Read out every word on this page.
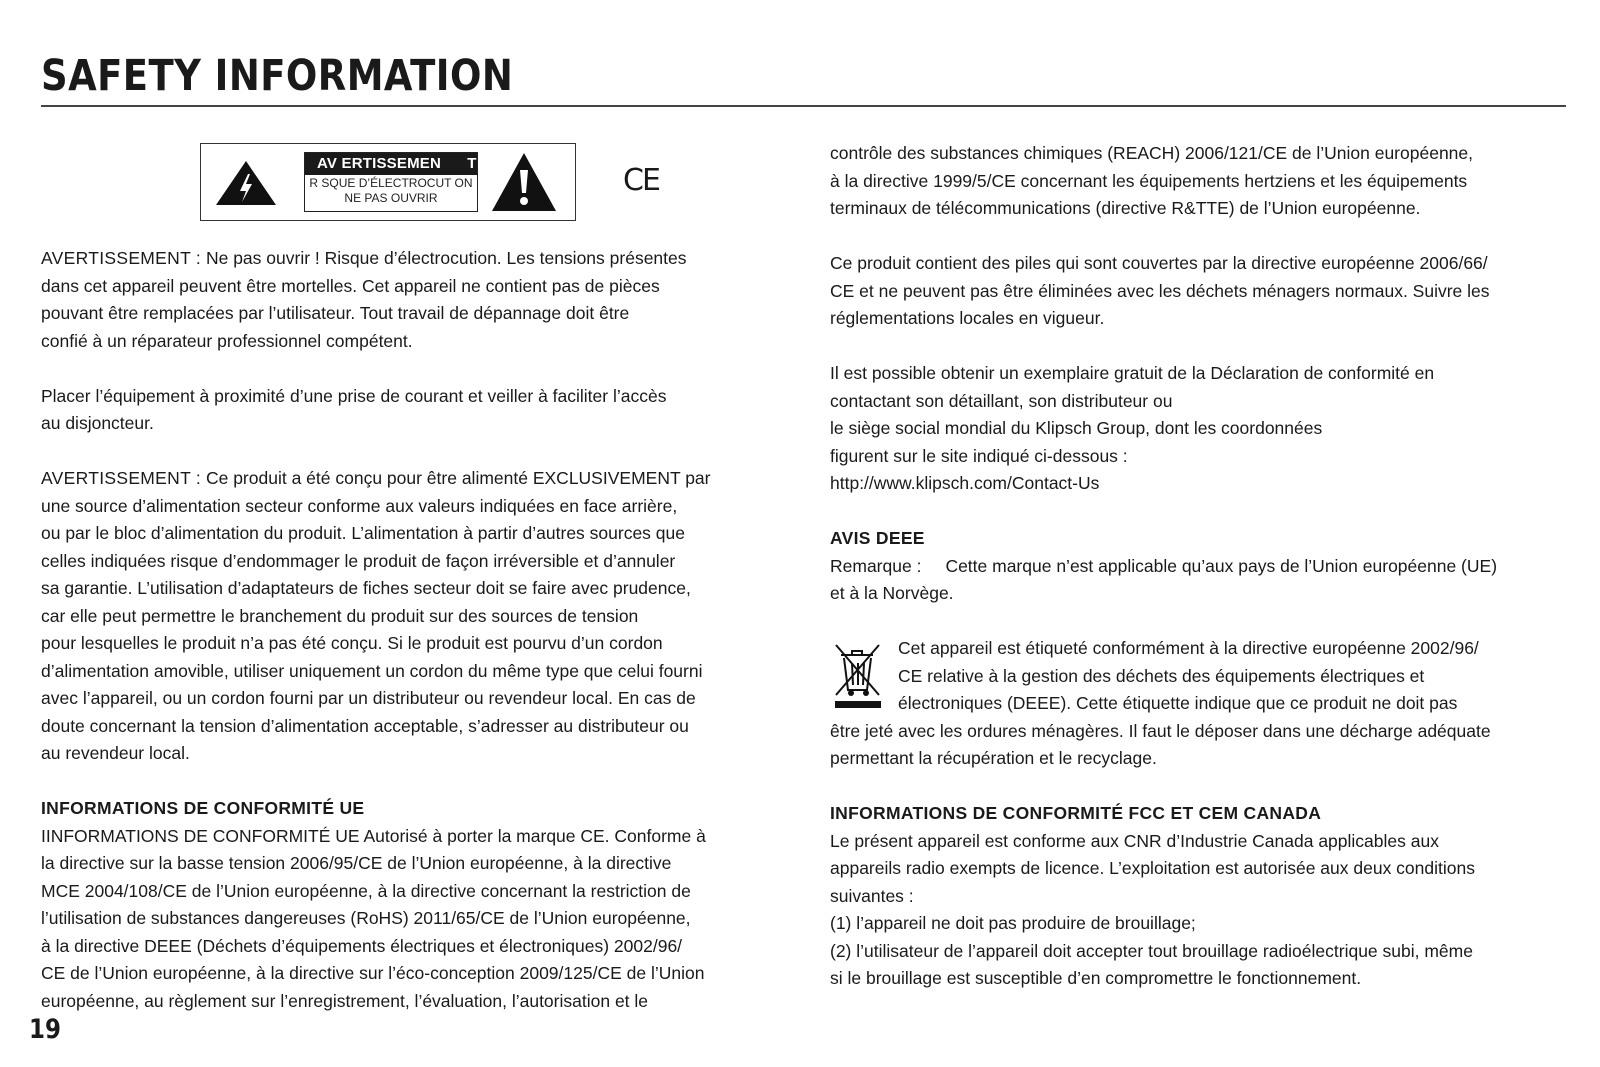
SAFETY INFORMATION
AV ERTISSEMEN      T
R SQUE D’ÉLECTROCUT ON
NE PAS OUVRIR	CE

AVERTISSEMENT : Ne pas ouvrir ! Risque d’électrocution. Les tensions présentes

dans cet appareil peuvent être mortelles. Cet appareil ne contient pas de pièces

pouvant être remplacées par l’utilisateur. Tout travail de dépannage doit être

confié à un réparateur professionnel compétent.

Placer l’équipement à proximité d’une prise de courant et veiller à faciliter l’accès

au disjoncteur.

AVERTISSEMENT : Ce produit a été conçu pour être alimenté EXCLUSIVEMENT par

une source d’alimentation secteur conforme aux valeurs indiquées en face arrière,

ou par le bloc d’alimentation du produit. L’alimentation à partir d’autres sources que

celles indiquées risque d’endommager le produit de façon irréversible et d’annuler

sa garantie. L’utilisation d’adaptateurs de fiches secteur doit se faire avec prudence,

car elle peut permettre le branchement du produit sur des sources de tension

pour lesquelles le produit n’a pas été conçu. Si le produit est pourvu d’un cordon

d’alimentation amovible, utiliser uniquement un cordon du même type que celui fourni

avec l’appareil, ou un cordon fourni par un distributeur ou revendeur local. En cas de

doute concernant la tension d’alimentation acceptable, s’adresser au distributeur ou

au revendeur local.

INFORMATIONS DE CONFORMITÉ UE

IINFORMATIONS DE CONFORMITÉ UE Autorisé à porter la marque CE. Conforme à

la directive sur la basse tension 2006/95/CE de l’Union européenne, à la directive

MCE 2004/108/CE de l’Union européenne, à la directive concernant la restriction de

l’utilisation de substances dangereuses (RoHS) 2011/65/CE de l’Union européenne,

à la directive DEEE (Déchets d’équipements électriques et électroniques) 2002/96/

CE de l’Union européenne, à la directive sur l’éco-conception 2009/125/CE de l’Union

européenne, au règlement sur l’enregistrement, l’évaluation, l’autorisation et le

contrôle des substances chimiques (REACH) 2006/121/CE de l’Union européenne,

à la directive 1999/5/CE concernant les équipements hertziens et les équipements

terminaux de télécommunications (directive R&TTE) de l’Union européenne.

Ce produit contient des piles qui sont couvertes par la directive européenne 2006/66/

CE et ne peuvent pas être éliminées avec les déchets ménagers normaux. Suivre les

réglementations locales en vigueur.

Il est possible obtenir un exemplaire gratuit de la Déclaration de conformité en

contactant son détaillant, son distributeur ou

le siège social mondial du Klipsch Group, dont les coordonnées

figurent sur le site indiqué ci-dessous :

http://www.klipsch.com/Contact-Us

AVIS DEEE

Remarque : Cette marque n’est applicable qu’aux pays de l’Union européenne (UE)

et à la Norvège.

Cet appareil est étiqueté conformément à la directive européenne 2002/96/

CE relative à la gestion des déchets des équipements électriques et

électroniques (DEEE). Cette étiquette indique que ce produit ne doit pas

être jeté avec les ordures ménagères. Il faut le déposer dans une décharge adéquate

permettant la récupération et le recyclage.

INFORMATIONS DE CONFORMITÉ FCC ET CEM CANADA

Le présent appareil est conforme aux CNR d’Industrie Canada applicables aux

appareils radio exempts de licence. L’exploitation est autorisée aux deux conditions

suivantes :

(1) l’appareil ne doit pas produire de brouillage;

(2) l’utilisateur de l’appareil doit accepter tout brouillage radioélectrique subi, même

si le brouillage est susceptible d’en compromettre le fonctionnement.

19
